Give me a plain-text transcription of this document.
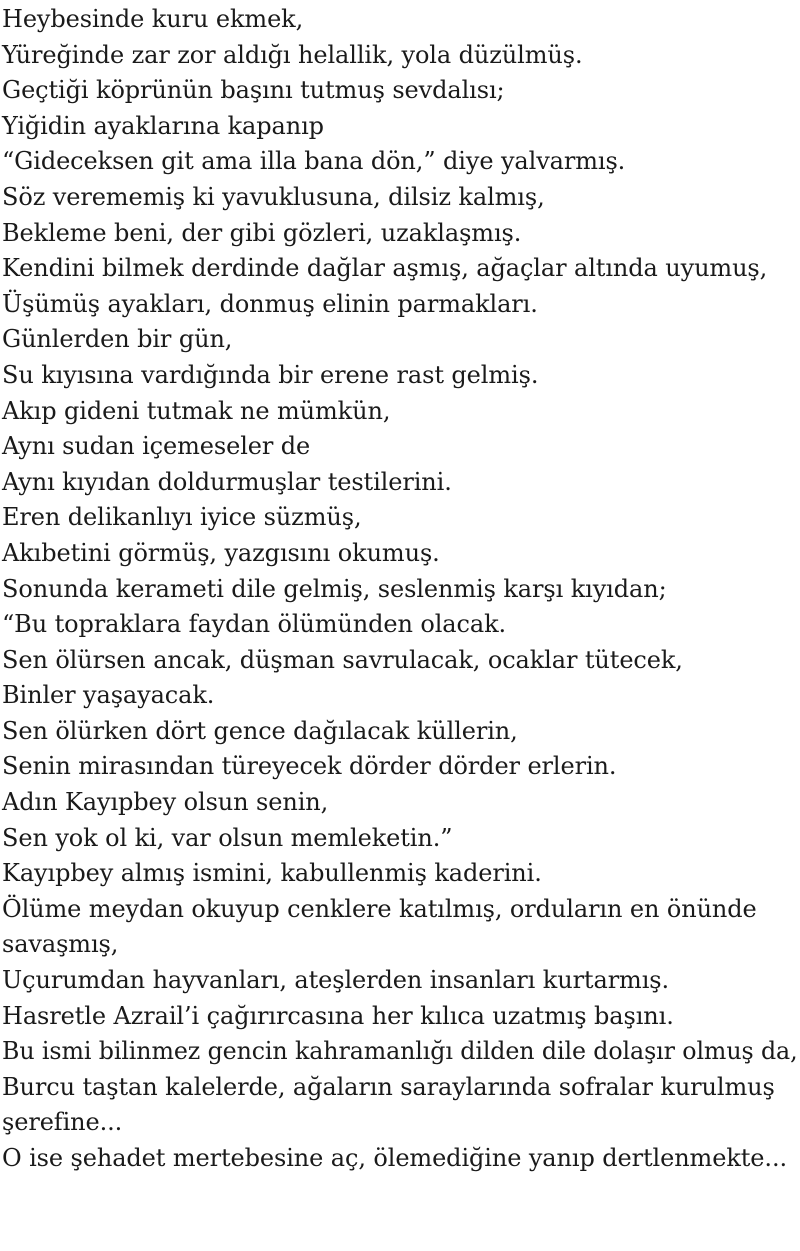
Heybesinde kuru ekmek,
Yüreğinde zar zor aldığı helallik, yola düzülmüş.
Geçtiği köprünün başını tutmuş sevdalısı;
Yiğidin ayaklarına kapanıp
“Gideceksen git ama illa bana dön,” diye yalvarmış.
Söz verememiş ki yavuklusuna, dilsiz kalmış,
Bekleme beni, der gibi gözleri, uzaklaşmış.
Kendini bilmek derdinde dağlar aşmış, ağaçlar altında uyumuş,
Üşümüş ayakları, donmuş elinin parmakları.
Günlerden bir gün,
Su kıyısına vardığında bir erene rast gelmiş.
Akıp gideni tutmak ne mümkün,
Aynı sudan içemeseler de
Aynı kıyıdan doldurmuşlar testilerini.
Eren delikanlıyı iyice süzmüş,
Akıbetini görmüş, yazgısını okumuş.
Sonunda kerameti dile gelmiş, seslenmiş karşı kıyıdan;
“Bu topraklara faydan ölümünden olacak.
Sen ölürsen ancak, düşman savrulacak, ocaklar tütecek,
Binler yaşayacak.
Sen ölürken dört gence dağılacak küllerin,
Senin mirasından türeyecek dörder dörder erlerin.
Adın Kayıpbey olsun senin,
Sen yok ol ki, var olsun memleketin.”
Kayıpbey almış ismini, kabullenmiş kaderini.
Ölüme meydan okuyup cenklere katılmış, orduların en önünde
savaşmış,
Uçurumdan hayvanları, ateşlerden insanları kurtarmış.
Hasretle Azrail’i çağırırcasına her kılıca uzatmış başını.
Bu ismi bilinmez gencin kahramanlığı dilden dile dolaşır olmuş da,
Burcu taştan kalelerde, ağaların saraylarında sofralar kurulmuş
şerefine...
O ise şehadet mertebesine aç, ölemediğine yanıp dertlenmekte...
